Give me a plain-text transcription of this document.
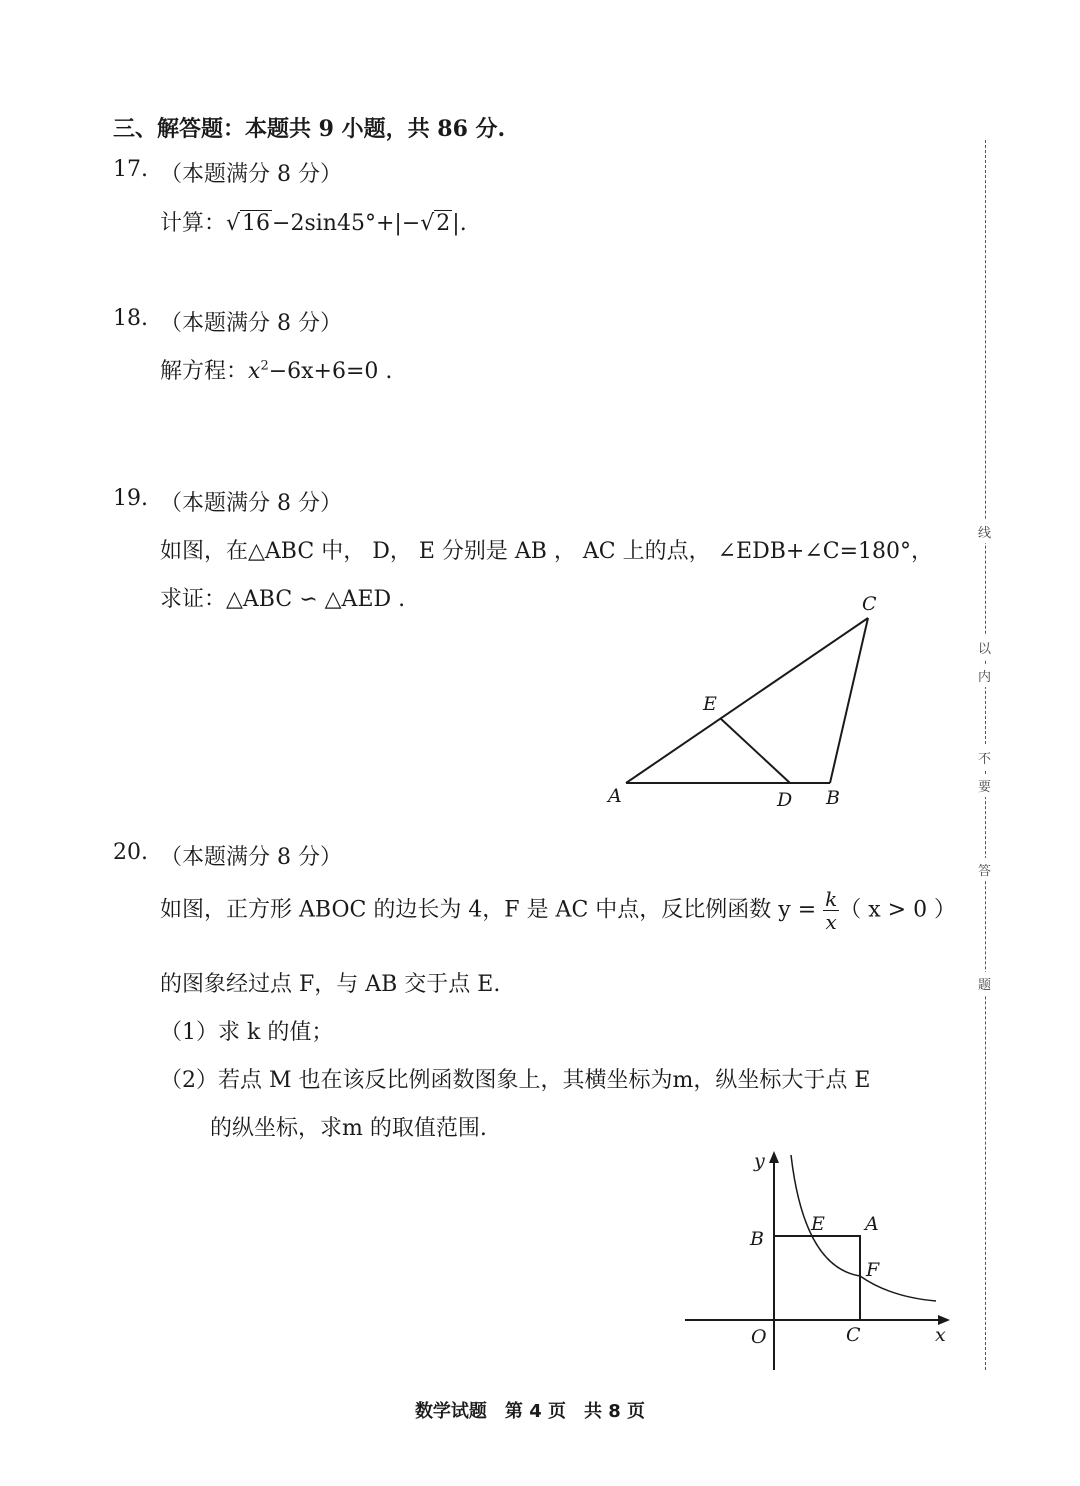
线
以
内
不
要
答
题
三、解答题：本题共 9 小题，共 86 分.
17. （本题满分 8 分）
计算：√16−2sin45°+|−√2|.
18. （本题满分 8 分）
解方程：$x^2-6x+6=0$ .
19. （本题满分 8 分）
如图，在△ABC 中， D， E 分别是 AB ， AC 上的点， ∠EDB+∠C=180°，
求证：△ABC ∽ △AED .
A	D B
C
E
20. （本题满分 8 分）
如图，正方形 ABOC 的边长为 4，F 是 AC 中点，反比例函数 $y = \frac{k}{x}$ （ x > 0 ）
的图象经过点 F，与 AB 交于点 E.
（1）求 k 的值；
（2）若点 M 也在该反比例函数图象上，其横坐标为m，纵坐标大于点 E
的纵坐标，求m 的取值范围.
y
x
O
B
C
E A
F
数学试题　第 4 页　共 8 页
